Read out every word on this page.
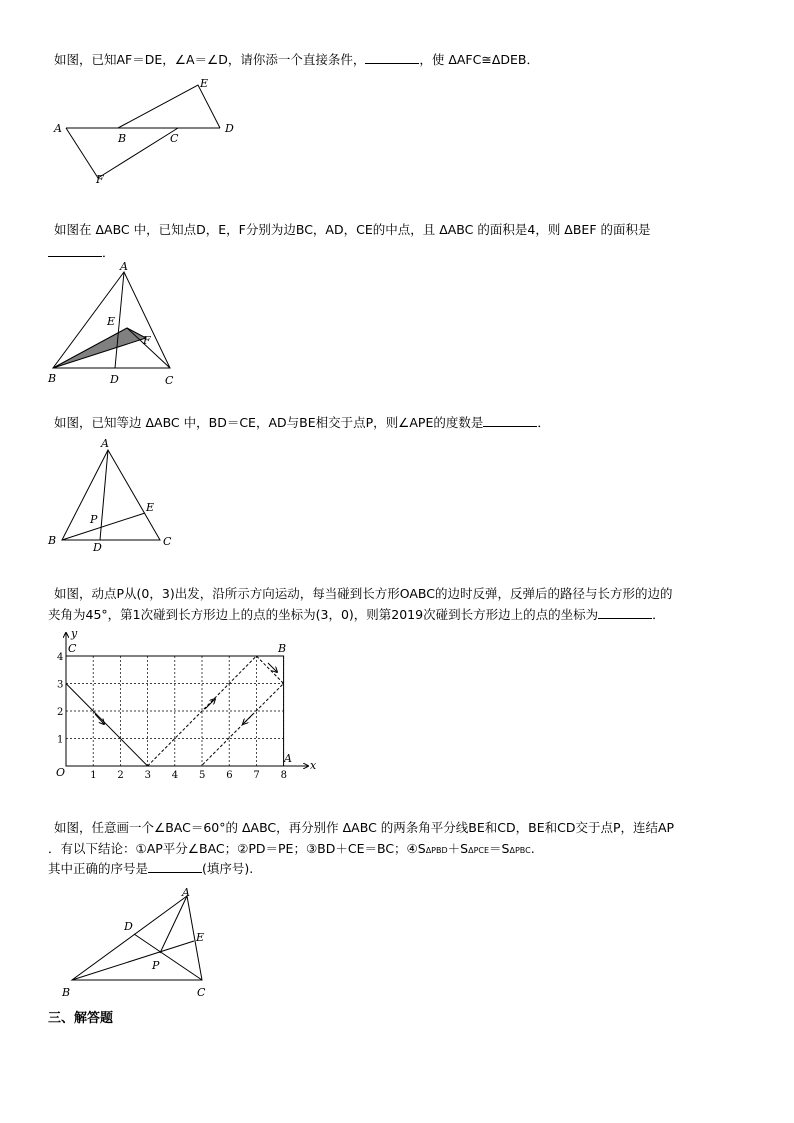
如图，已知AF＝DE，∠A＝∠D，请你添一个直接条件，	，使 ΔAFC≅ΔDEB．
A
B	C
D
E
F
如图在 ΔABC 中，已知点D，E，F分别为边BC，AD，CE的中点，且 ΔABC 的面积是4，则 ΔBEF 的面积是
．
A
B	C
D
E
F
如图，已知等边 ΔABC 中，BD＝CE，AD与BE相交于点P，则∠APE的度数是	．
A
B	C
D
E
P
如图，动点P从(0，3)出发，沿所示方向运动，每当碰到长方形OABC的边时反弹，反弹后的路径与长方形的边的
夹角为45°，第1次碰到长方形边上的点的坐标为(3，0)，则第2019次碰到长方形边上的点的坐标为	．
1 2 3 4 5 6 7 8
1
2
3
4
O
x
y
C	B
A
如图，任意画一个∠BAC＝60°的 ΔABC，再分别作 ΔABC 的两条角平分线BE和CD，BE和CD交于点P，连结AP
．有以下结论：①AP平分∠BAC；②PD＝PE；③BD＋CE＝BC；④SΔPBD＋SΔPCE＝SΔPBC.
其中正确的序号是	(填序号).
A
B	C
D
E
P
三、解答题
